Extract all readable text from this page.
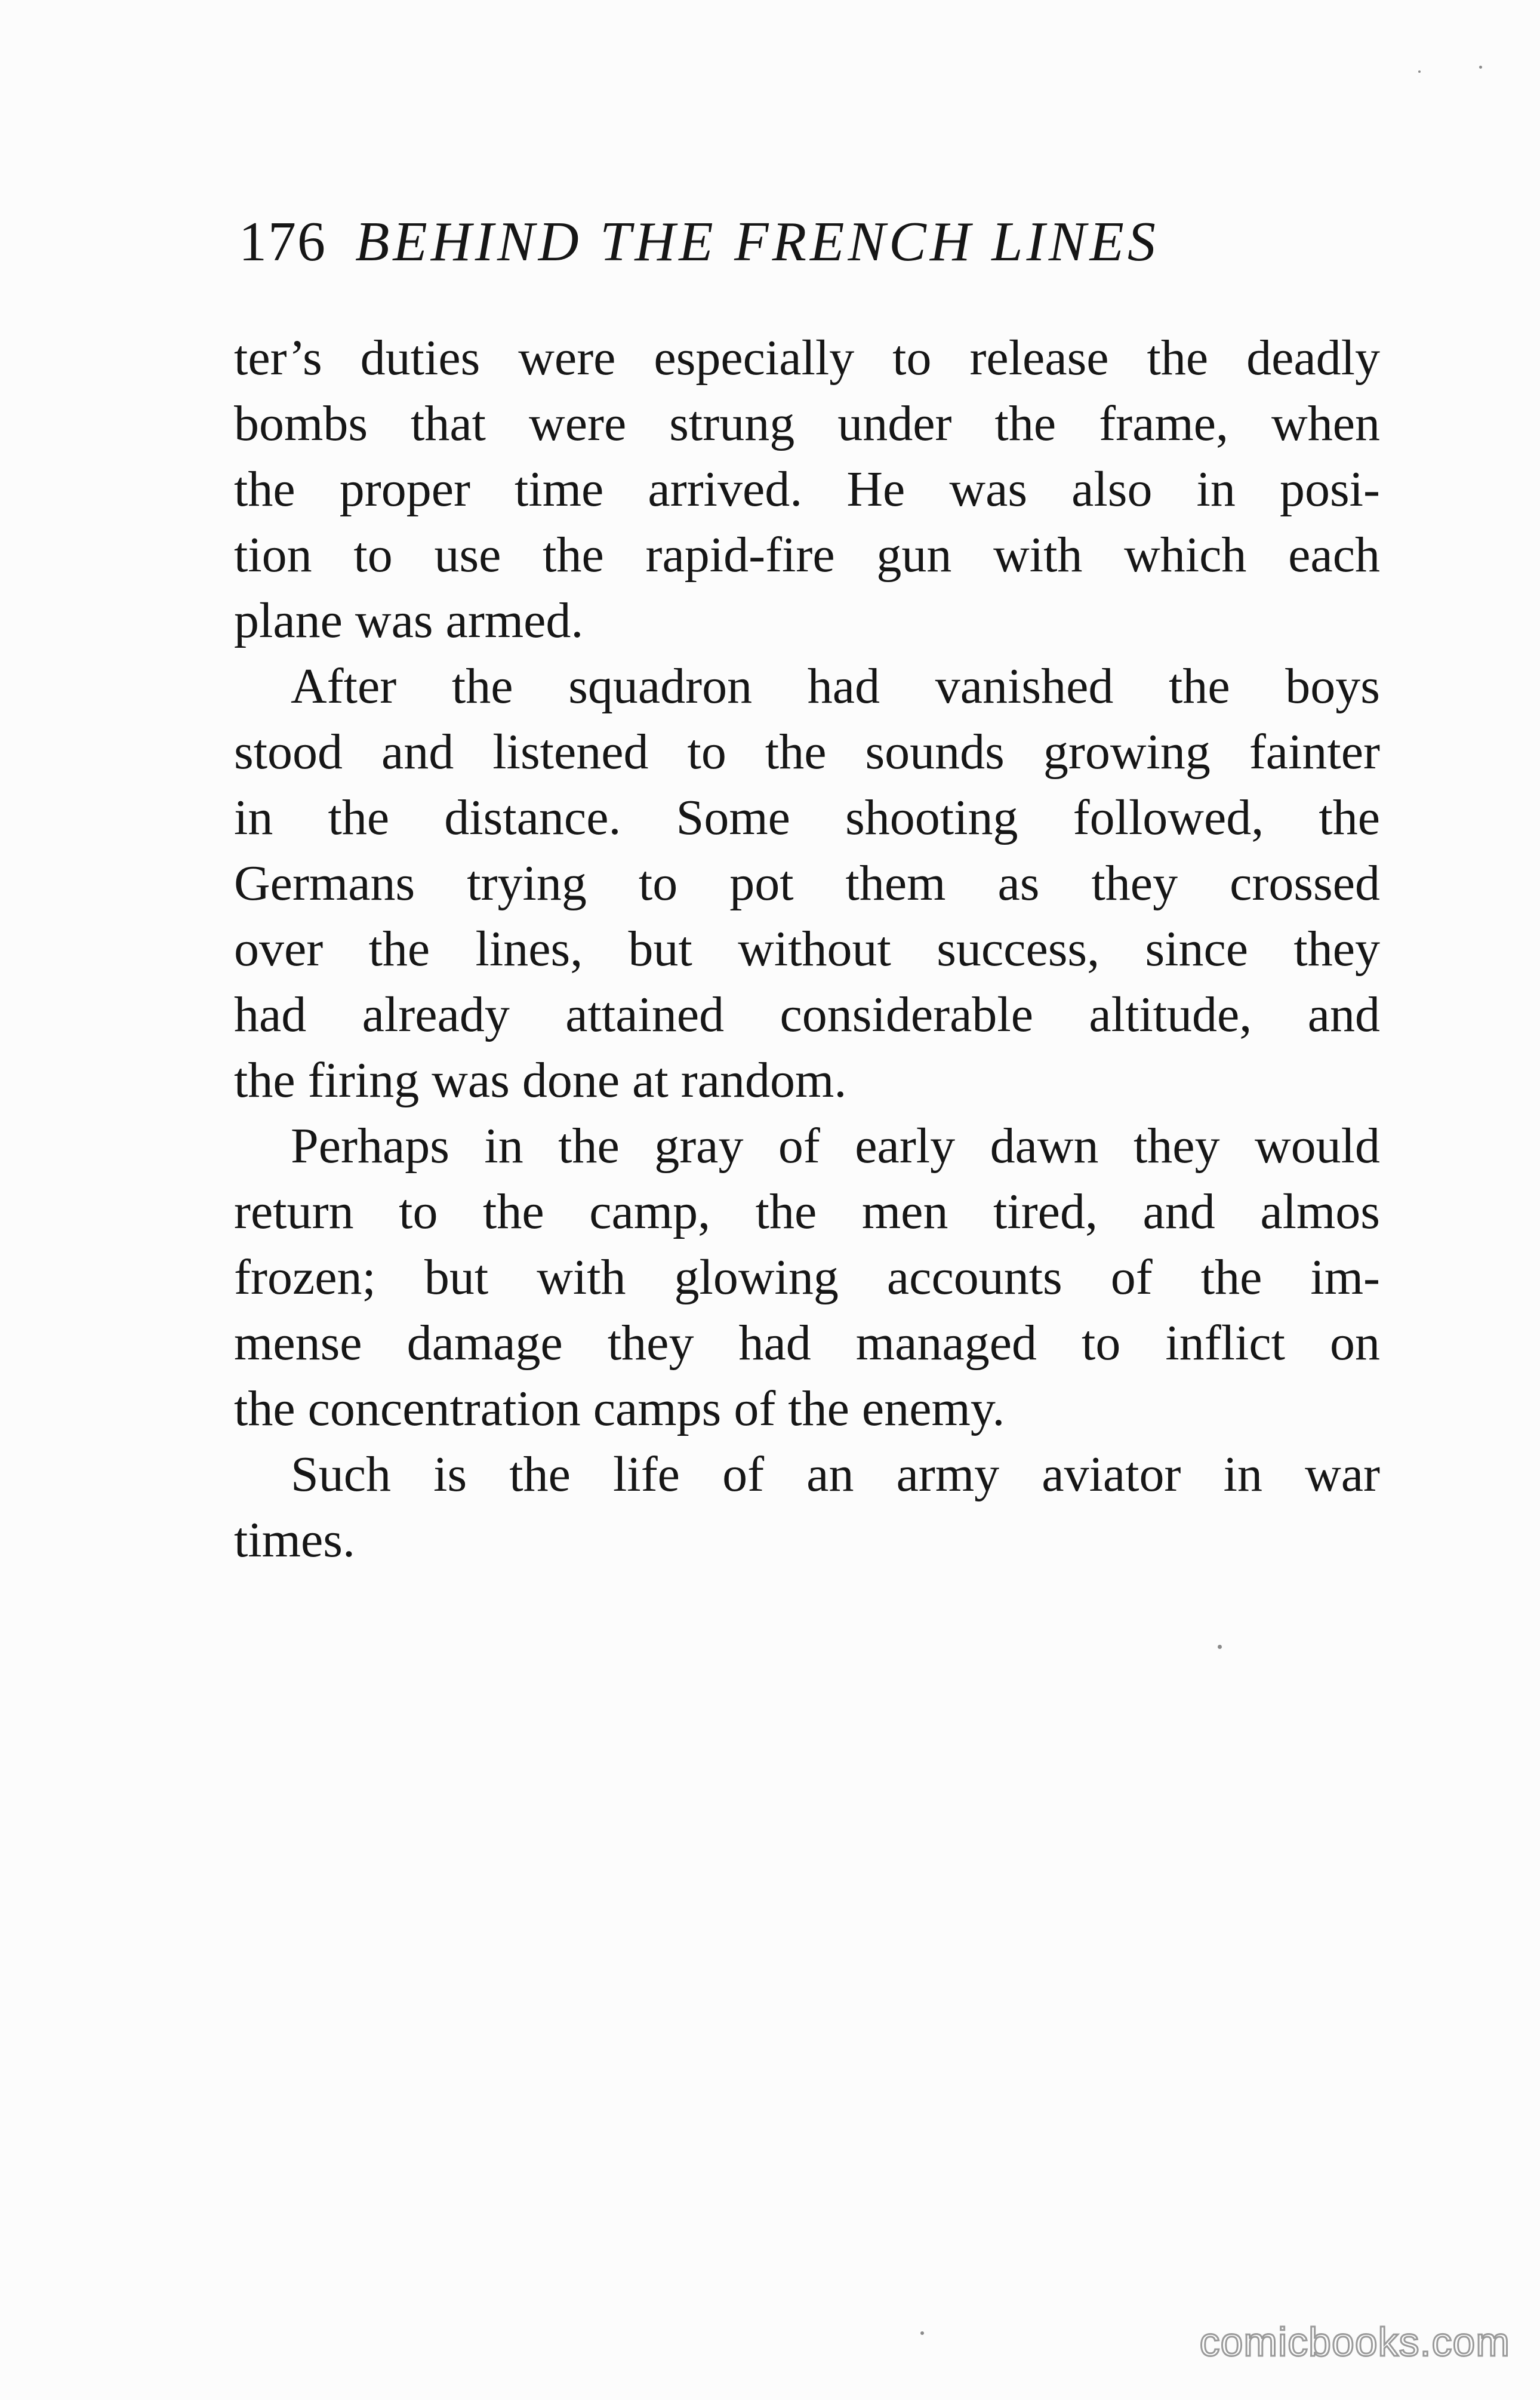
176 BEHIND THE FRENCH LINES
ter’s duties were especially to release the deadly
bombs that were strung under the frame, when
the proper time arrived. He was also in posi-
tion to use the rapid-fire gun with which each
plane was armed.
After the squadron had vanished the boys
stood and listened to the sounds growing fainter
in the distance. Some shooting followed, the
Germans trying to pot them as they crossed
over the lines, but without success, since they
had already attained considerable altitude, and
the firing was done at random.
Perhaps in the gray of early dawn they would
return to the camp, the men tired, and almos
frozen; but with glowing accounts of the im-
mense damage they had managed to inflict on
the concentration camps of the enemy.
Such is the life of an army aviator in war
times.
comicbooks.com
